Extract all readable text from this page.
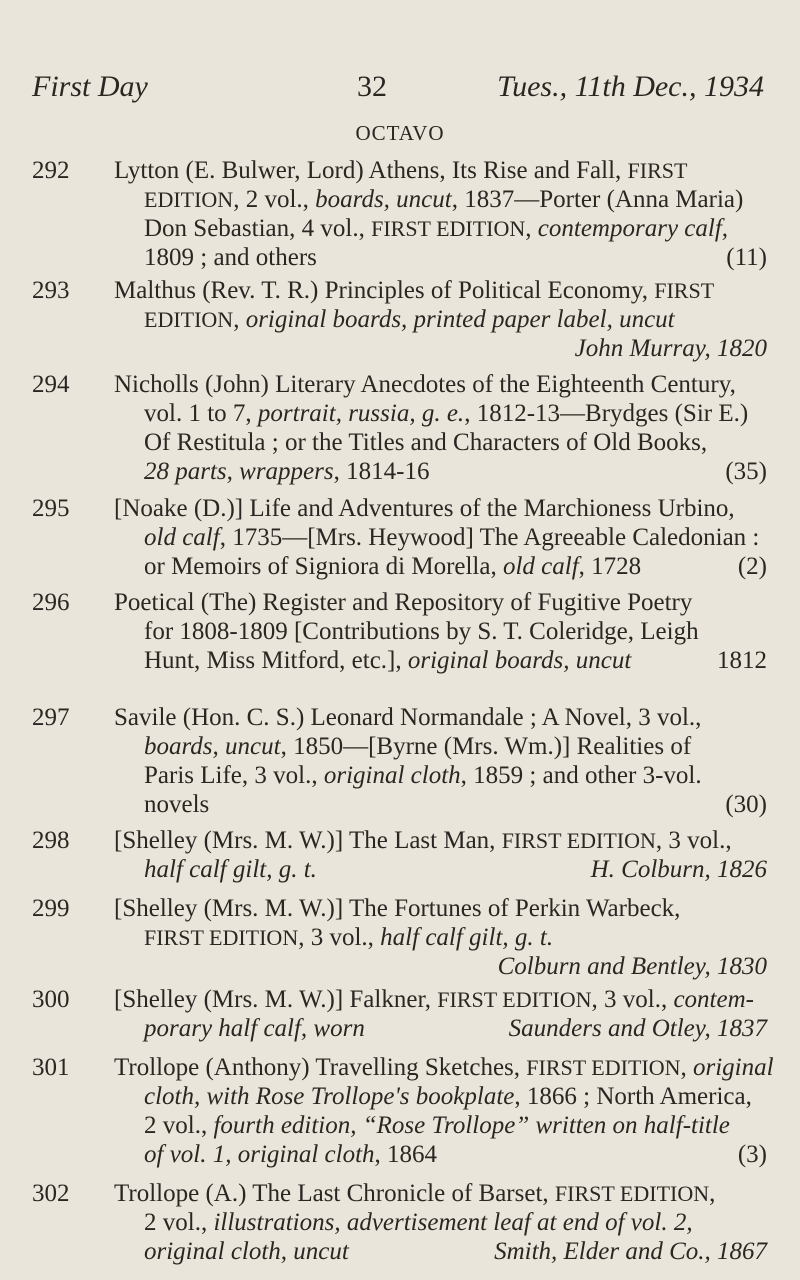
First Day	32	Tues., 11th Dec., 1934
OCTAVO
292	Lytton (E. Bulwer, Lord) Athens, Its Rise and Fall, FIRST
EDITION, 2 vol., boards, uncut, 1837—Porter (Anna Maria)
Don Sebastian, 4 vol., FIRST EDITION, contemporary calf,
1809 ; and others	(11)
293	Malthus (Rev. T. R.) Principles of Political Economy, FIRST
EDITION, original boards, printed paper label, uncut
John Murray, 1820
294	Nicholls (John) Literary Anecdotes of the Eighteenth Century,
vol. 1 to 7, portrait, russia, g. e., 1812-13—Brydges (Sir E.)
Of Restitula ; or the Titles and Characters of Old Books,
28 parts, wrappers, 1814-16	(35)
295	[Noake (D.)] Life and Adventures of the Marchioness Urbino,
old calf, 1735—[Mrs. Heywood] The Agreeable Caledonian :
or Memoirs of Signiora di Morella, old calf, 1728	(2)
296	Poetical (The) Register and Repository of Fugitive Poetry
for 1808-1809 [Contributions by S. T. Coleridge, Leigh
Hunt, Miss Mitford, etc.], original boards, uncut	1812
297	Savile (Hon. C. S.) Leonard Normandale ; A Novel, 3 vol.,
boards, uncut, 1850—[Byrne (Mrs. Wm.)] Realities of
Paris Life, 3 vol., original cloth, 1859 ; and other 3-vol.
novels	(30)
298	[Shelley (Mrs. M. W.)] The Last Man, FIRST EDITION, 3 vol.,
half calf gilt, g. t.	H. Colburn, 1826
299	[Shelley (Mrs. M. W.)] The Fortunes of Perkin Warbeck,
FIRST EDITION, 3 vol., half calf gilt, g. t.
Colburn and Bentley, 1830
300	[Shelley (Mrs. M. W.)] Falkner, FIRST EDITION, 3 vol., contem-
porary half calf, worn	Saunders and Otley, 1837
301	Trollope (Anthony) Travelling Sketches, FIRST EDITION, original
cloth, with Rose Trollope's bookplate, 1866 ; North America,
2 vol., fourth edition, “Rose Trollope” written on half-title
of vol. 1, original cloth, 1864	(3)
302	Trollope (A.) The Last Chronicle of Barset, FIRST EDITION,
2 vol., illustrations, advertisement leaf at end of vol. 2,
original cloth, uncut	Smith, Elder and Co., 1867
